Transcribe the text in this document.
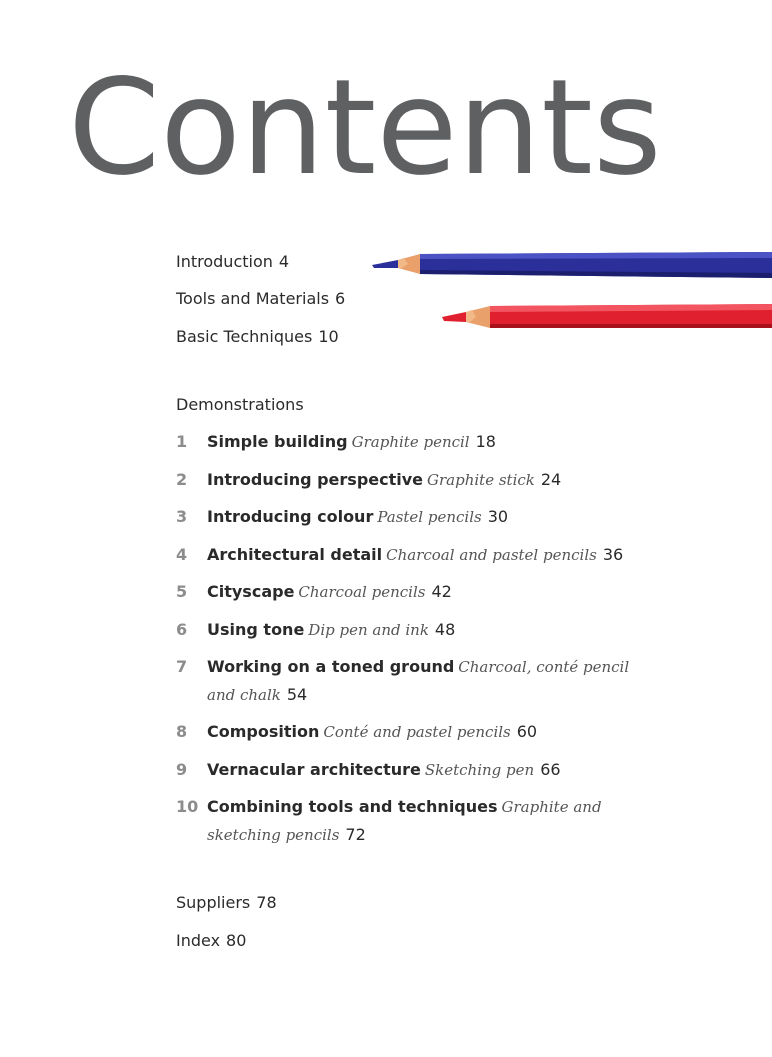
Contents
Introduction 4
Tools and Materials 6
Basic Techniques 10
Demonstrations
1 Simple building Graphite pencil 18
2 Introducing perspective Graphite stick 24
3 Introducing colour Pastel pencils 30
4 Architectural detail Charcoal and pastel pencils 36
5 Cityscape Charcoal pencils 42
6 Using tone Dip pen and ink 48
7 Working on a toned ground Charcoal, conté pencil and chalk 54
8 Composition Conté and pastel pencils 60
9 Vernacular architecture Sketching pen 66
10 Combining tools and techniques Graphite and sketching pencils 72
Suppliers 78
Index 80
